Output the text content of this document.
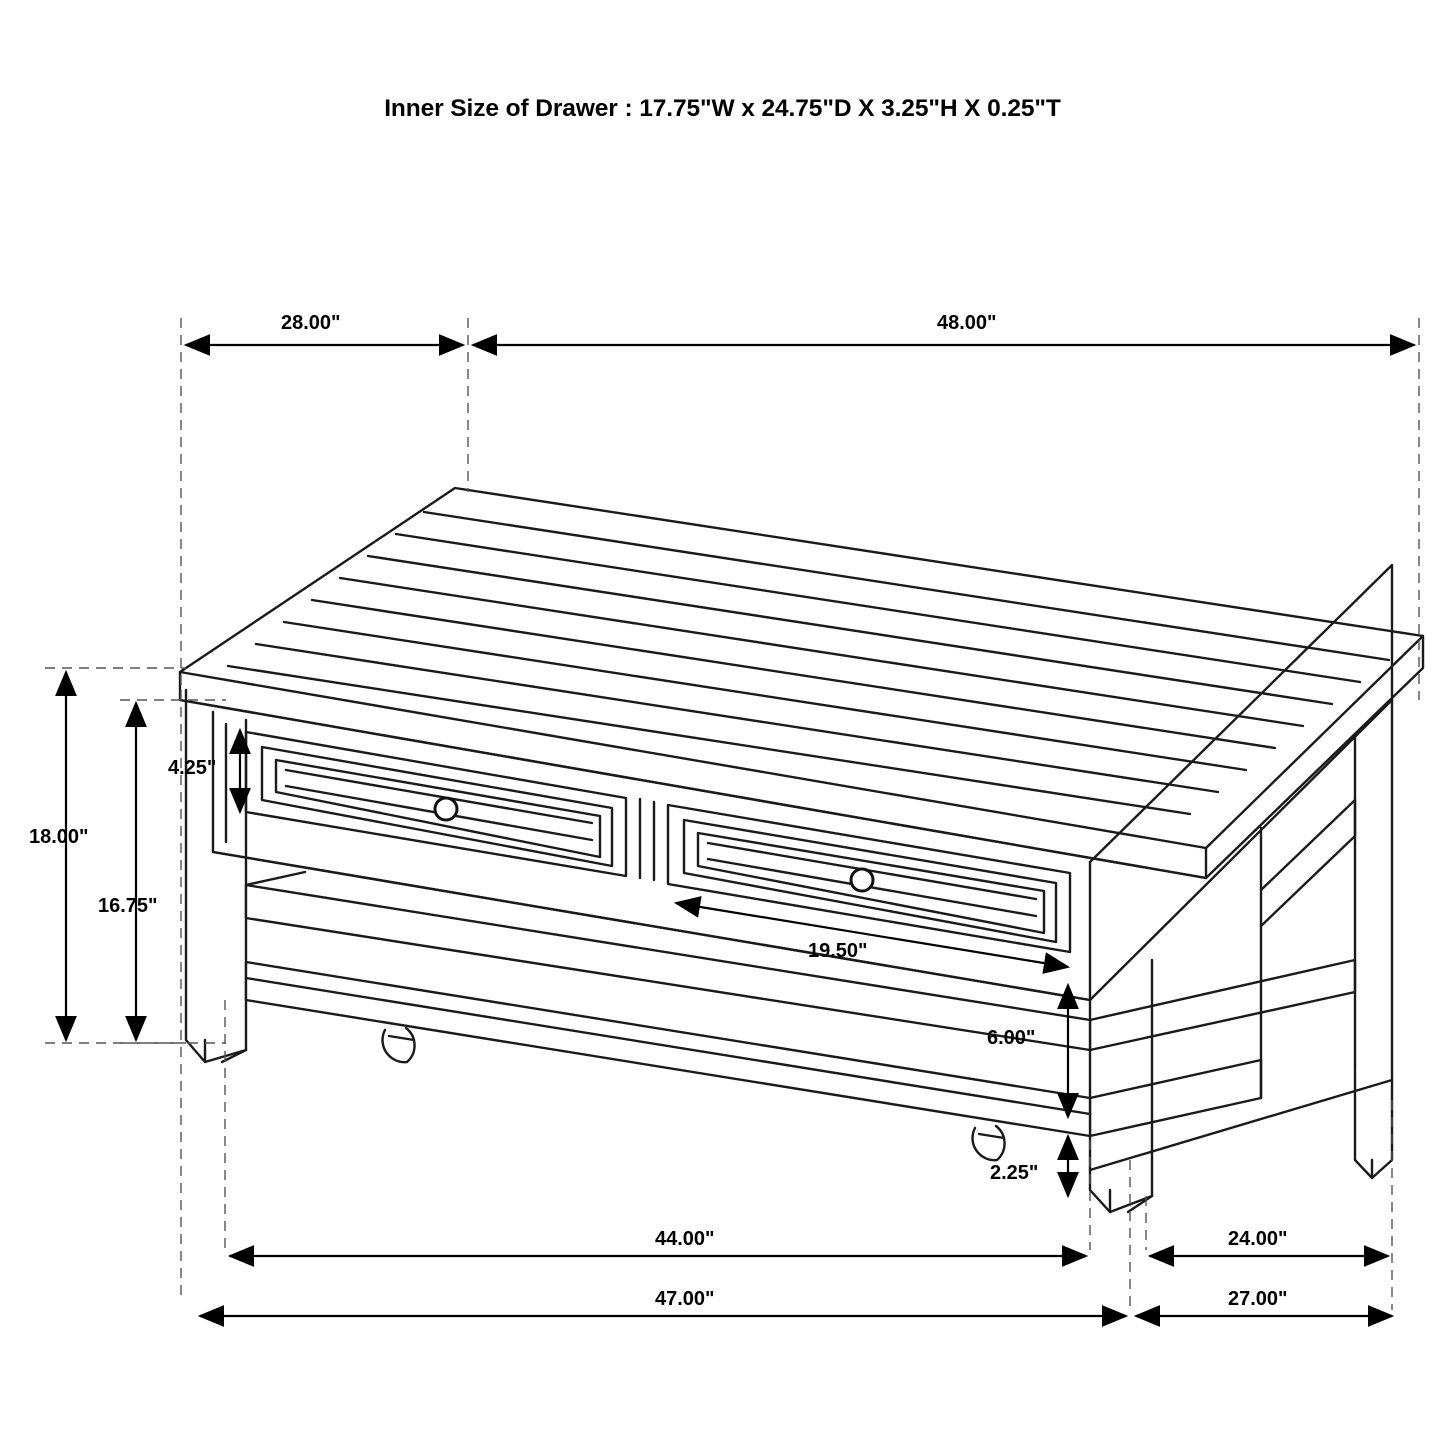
Inner Size of Drawer : 17.75"W x 24.75"D X 3.25"H X 0.25"T
28.00"	48.00"
4.25"
18.00"
16.75"
19.50"
6.00"
2.25"
44.00"	24.00"
47.00"	27.00"
